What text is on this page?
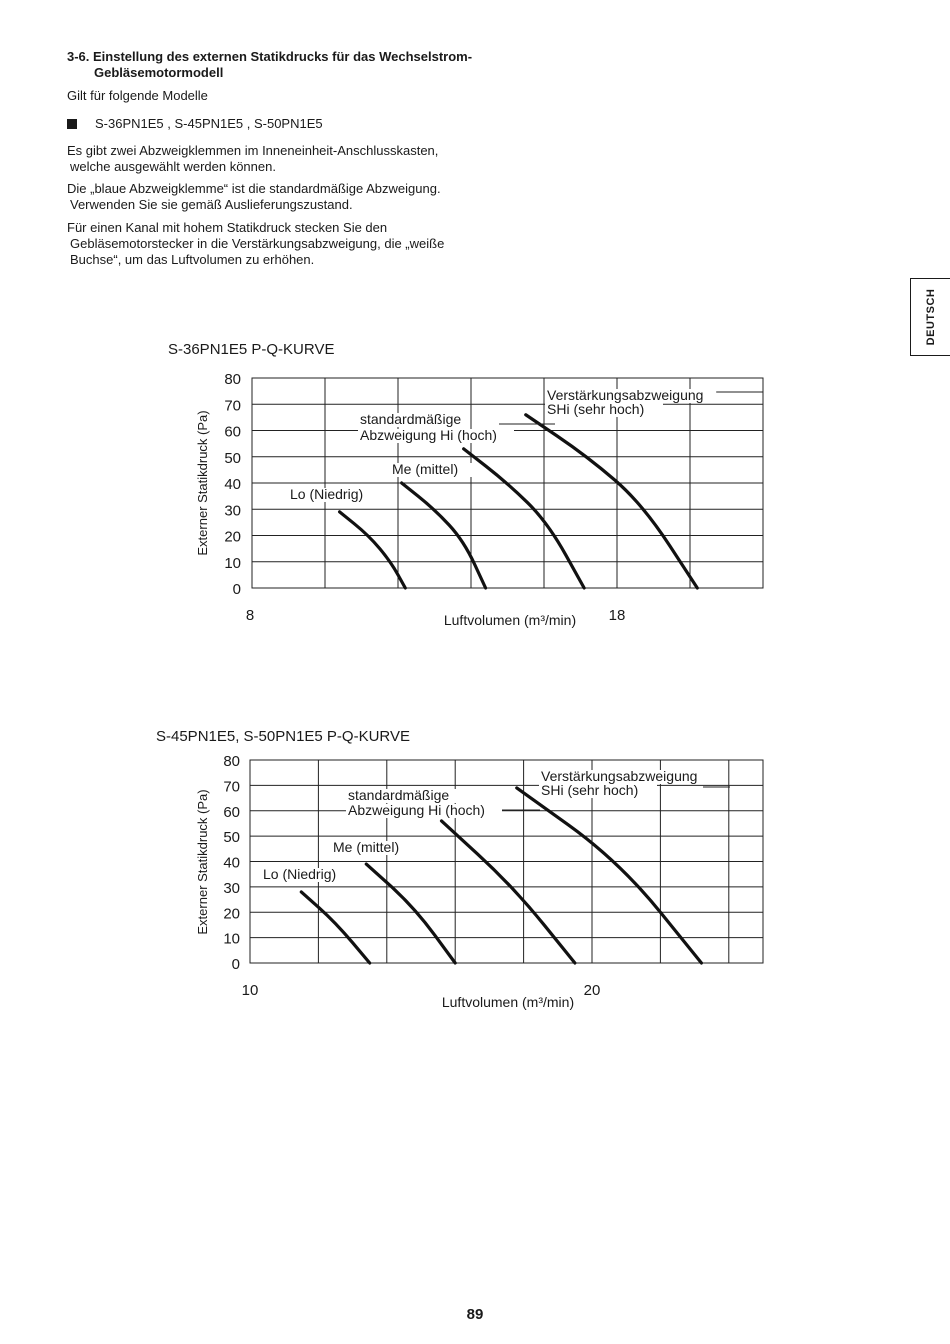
3-6. Einstellung des externen Statikdrucks für das Wechselstrom-
Gebläsemotormodell
Gilt für folgende Modelle
S-36PN1E5 , S-45PN1E5 , S-50PN1E5
Es gibt zwei Abzweigklemmen im Inneneinheit-Anschlusskasten,
welche ausgewählt werden können.
Die „blaue Abzweigklemme“ ist die standardmäßige Abzweigung.
Verwenden Sie sie gemäß Auslieferungszustand.
Für einen Kanal mit hohem Statikdruck stecken Sie den
Gebläsemotorstecker in die Verstärkungsabzweigung, die „weiße
Buchse“, um das Luftvolumen zu erhöhen.
DEUTSCH
S-36PN1E5 P-Q-KURVE
S-45PN1E5, S-50PN1E5 P-Q-KURVE
0
10
20
30
40
50
60
70
80
8	18
Luftvolumen (m³/min)
Externer Statikdruck (Pa)	Lo (Niedrig)
Me (mittel)
standardmäßige
Abzweigung Hi (hoch)
Verstärkungsabzweigung
SHi (sehr hoch)
0
10
20
30
40
50
60
70
80
10	20
Luftvolumen (m³/min)
Externer Statikdruck (Pa)	Lo (Niedrig)
Me (mittel)
standardmäßige
Abzweigung Hi (hoch)
Verstärkungsabzweigung
SHi (sehr hoch)
89
